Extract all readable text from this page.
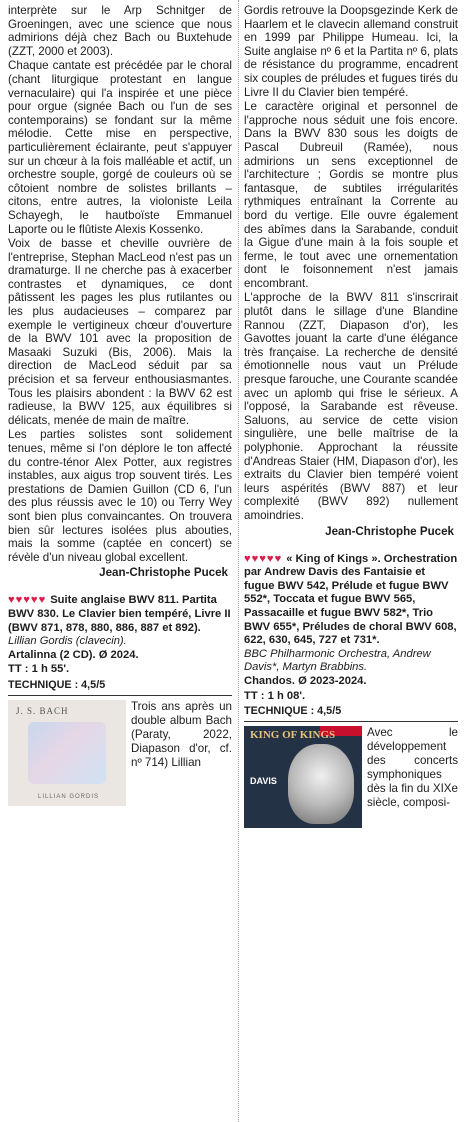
interprète sur le Arp Schnitger de Groeningen, avec une science que nous admirions déjà chez Bach ou Buxtehude (ZZT, 2000 et 2003).

Chaque cantate est précédée par le choral (chant liturgique protestant en langue vernaculaire) qui l'a inspirée et une pièce pour orgue (signée Bach ou l'un de ses contemporains) se fondant sur la même mélodie. Cette mise en perspective, particulièrement éclairante, peut s'appuyer sur un chœur à la fois malléable et actif, un orchestre souple, gorgé de couleurs où se côtoient nombre de solistes brillants – citons, entre autres, la violoniste Leila Schayegh, le hautboïste Emmanuel Laporte ou le flûtiste Alexis Kossenko.

Voix de basse et cheville ouvrière de l'entreprise, Stephan MacLeod n'est pas un dramaturge. Il ne cherche pas à exacerber contrastes et dynamiques, ce dont pâtissent les pages les plus rutilantes ou les plus audacieuses – comparez par exemple le vertigineux chœur d'ouverture de la BWV 101 avec la proposition de Masaaki Suzuki (Bis, 2006). Mais la direction de MacLeod séduit par sa précision et sa ferveur enthousiasmantes. Tous les plaisirs abondent : la BWV 62 est radieuse, la BWV 125, aux équilibres si délicats, menée de main de maître.

Les parties solistes sont solidement tenues, même si l'on déplore le ton affecté du contre-ténor Alex Potter, aux registres instables, aux aigus trop souvent tirés. Les prestations de Damien Guillon (CD 6, l'un des plus réussis avec le 10) ou Terry Wey sont bien plus convaincantes. On trouvera bien sûr lectures isolées plus abouties, mais la somme (captée en concert) se révèle d'un niveau global excellent.

Jean-Christophe Pucek
♥♥♥♥♥ Suite anglaise BWV 811. Partita BWV 830. Le Clavier bien tempéré, Livre II (BWV 871, 878, 880, 886, 887 et 892).
Lillian Gordis (clavecin).
Artalinna (2 CD). Ø 2024.
TT : 1 h 55'.
TECHNIQUE : 4,5/5
J. S. BACH
LILLIAN GORDIS
Trois ans après un double album Bach (Paraty, 2022, Diapason d'or, cf. nº 714) Lillian

Gordis retrouve la Doopsgezinde Kerk de Haarlem et le clavecin allemand construit en 1999 par Philippe Humeau. Ici, la Suite anglaise nº 6 et la Partita nº 6, plats de résistance du programme, encadrent six couples de préludes et fugues tirés du Livre II du Clavier bien tempéré.

Le caractère original et personnel de l'approche nous séduit une fois encore. Dans la BWV 830 sous les doigts de Pascal Dubreuil (Ramée), nous admirions un sens exceptionnel de l'architecture ; Gordis se montre plus fantasque, de subtiles irrégularités rythmiques entraînant la Corrente au bord du vertige. Elle ouvre également des abîmes dans la Sarabande, conduit la Gigue d'une main à la fois souple et ferme, le tout avec une ornementation dont le foisonnement n'est jamais encombrant.

L'approche de la BWV 811 s'inscrirait plutôt dans le sillage d'une Blandine Rannou (ZZT, Diapason d'or), les Gavottes jouant la carte d'une élégance très française. La recherche de densité émotionnelle nous vaut un Prélude presque farouche, une Courante scandée avec un aplomb qui frise le sérieux. A l'opposé, la Sarabande est rêveuse. Saluons, au service de cette vision singulière, une belle maîtrise de la polyphonie. Approchant la réussite d'Andreas Staier (HM, Diapason d'or), les extraits du Clavier bien tempéré voient leurs aspérités (BWV 887) et leur complexité (BWV 892) nullement amoindries.

Jean-Christophe Pucek
♥♥♥♥♥ « King of Kings ». Orchestration par Andrew Davis des Fantaisie et fugue BWV 542, Prélude et fugue BWV 552*, Toccata et fugue BWV 565, Passacaille et fugue BWV 582*, Trio BWV 655*, Préludes de choral BWV 608, 622, 630, 645, 727 et 731*.
BBC Philharmonic Orchestra, Andrew Davis*, Martyn Brabbins.
Chandos. Ø 2023-2024.
TT : 1 h 08'.
TECHNIQUE : 4,5/5
KING OF KINGS
DAVIS
Avec le développement des concerts symphoniques dès la fin du XIXe siècle, composi-
